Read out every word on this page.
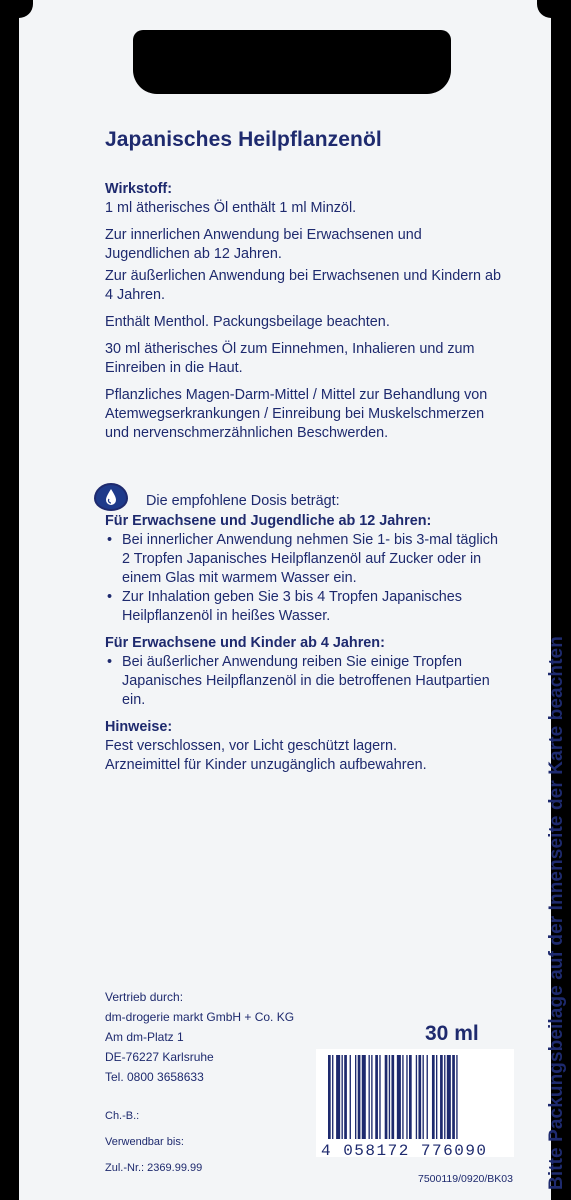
Japanisches Heilpflanzenöl
Wirkstoff:
1 ml ätherisches Öl enthält 1 ml Minzöl.
Zur innerlichen Anwendung bei Erwachsenen und Jugendlichen ab 12 Jahren.
Zur äußerlichen Anwendung bei Erwachsenen und Kindern ab 4 Jahren.
Enthält Menthol. Packungsbeilage beachten.
30 ml ätherisches Öl zum Einnehmen, Inhalieren und zum Einreiben in die Haut.
Pflanzliches Magen-Darm-Mittel / Mittel zur Behandlung von Atemwegserkrankungen / Einreibung bei Muskelschmerzen und nervenschmerzähnlichen Beschwerden.
Die empfohlene Dosis beträgt:
Für Erwachsene und Jugendliche ab 12 Jahren:
• Bei innerlicher Anwendung nehmen Sie 1- bis 3-mal täglich 2 Tropfen Japanisches Heilpflanzenöl auf Zucker oder in einem Glas mit warmem Wasser ein.
• Zur Inhalation geben Sie 3 bis 4 Tropfen Japanisches Heilpflanzenöl in heißes Wasser.
Für Erwachsene und Kinder ab 4 Jahren:
• Bei äußerlicher Anwendung reiben Sie einige Tropfen Japanisches Heilpflanzenöl in die betroffenen Hautpartien ein.
Hinweise:
Fest verschlossen, vor Licht geschützt lagern.
Arzneimittel für Kinder unzugänglich aufbewahren.
Vertrieb durch:
dm-drogerie markt GmbH + Co. KG
Am dm-Platz 1
DE-76227 Karlsruhe
Tel. 0800 3658633
Ch.-B.:
Verwendbar bis:
Zul.-Nr.: 2369.99.99
30 ml
4 058172 776090
7500119/0920/BK03 Bitte Packungsbeilage auf der Innenseite der Karte beachten
